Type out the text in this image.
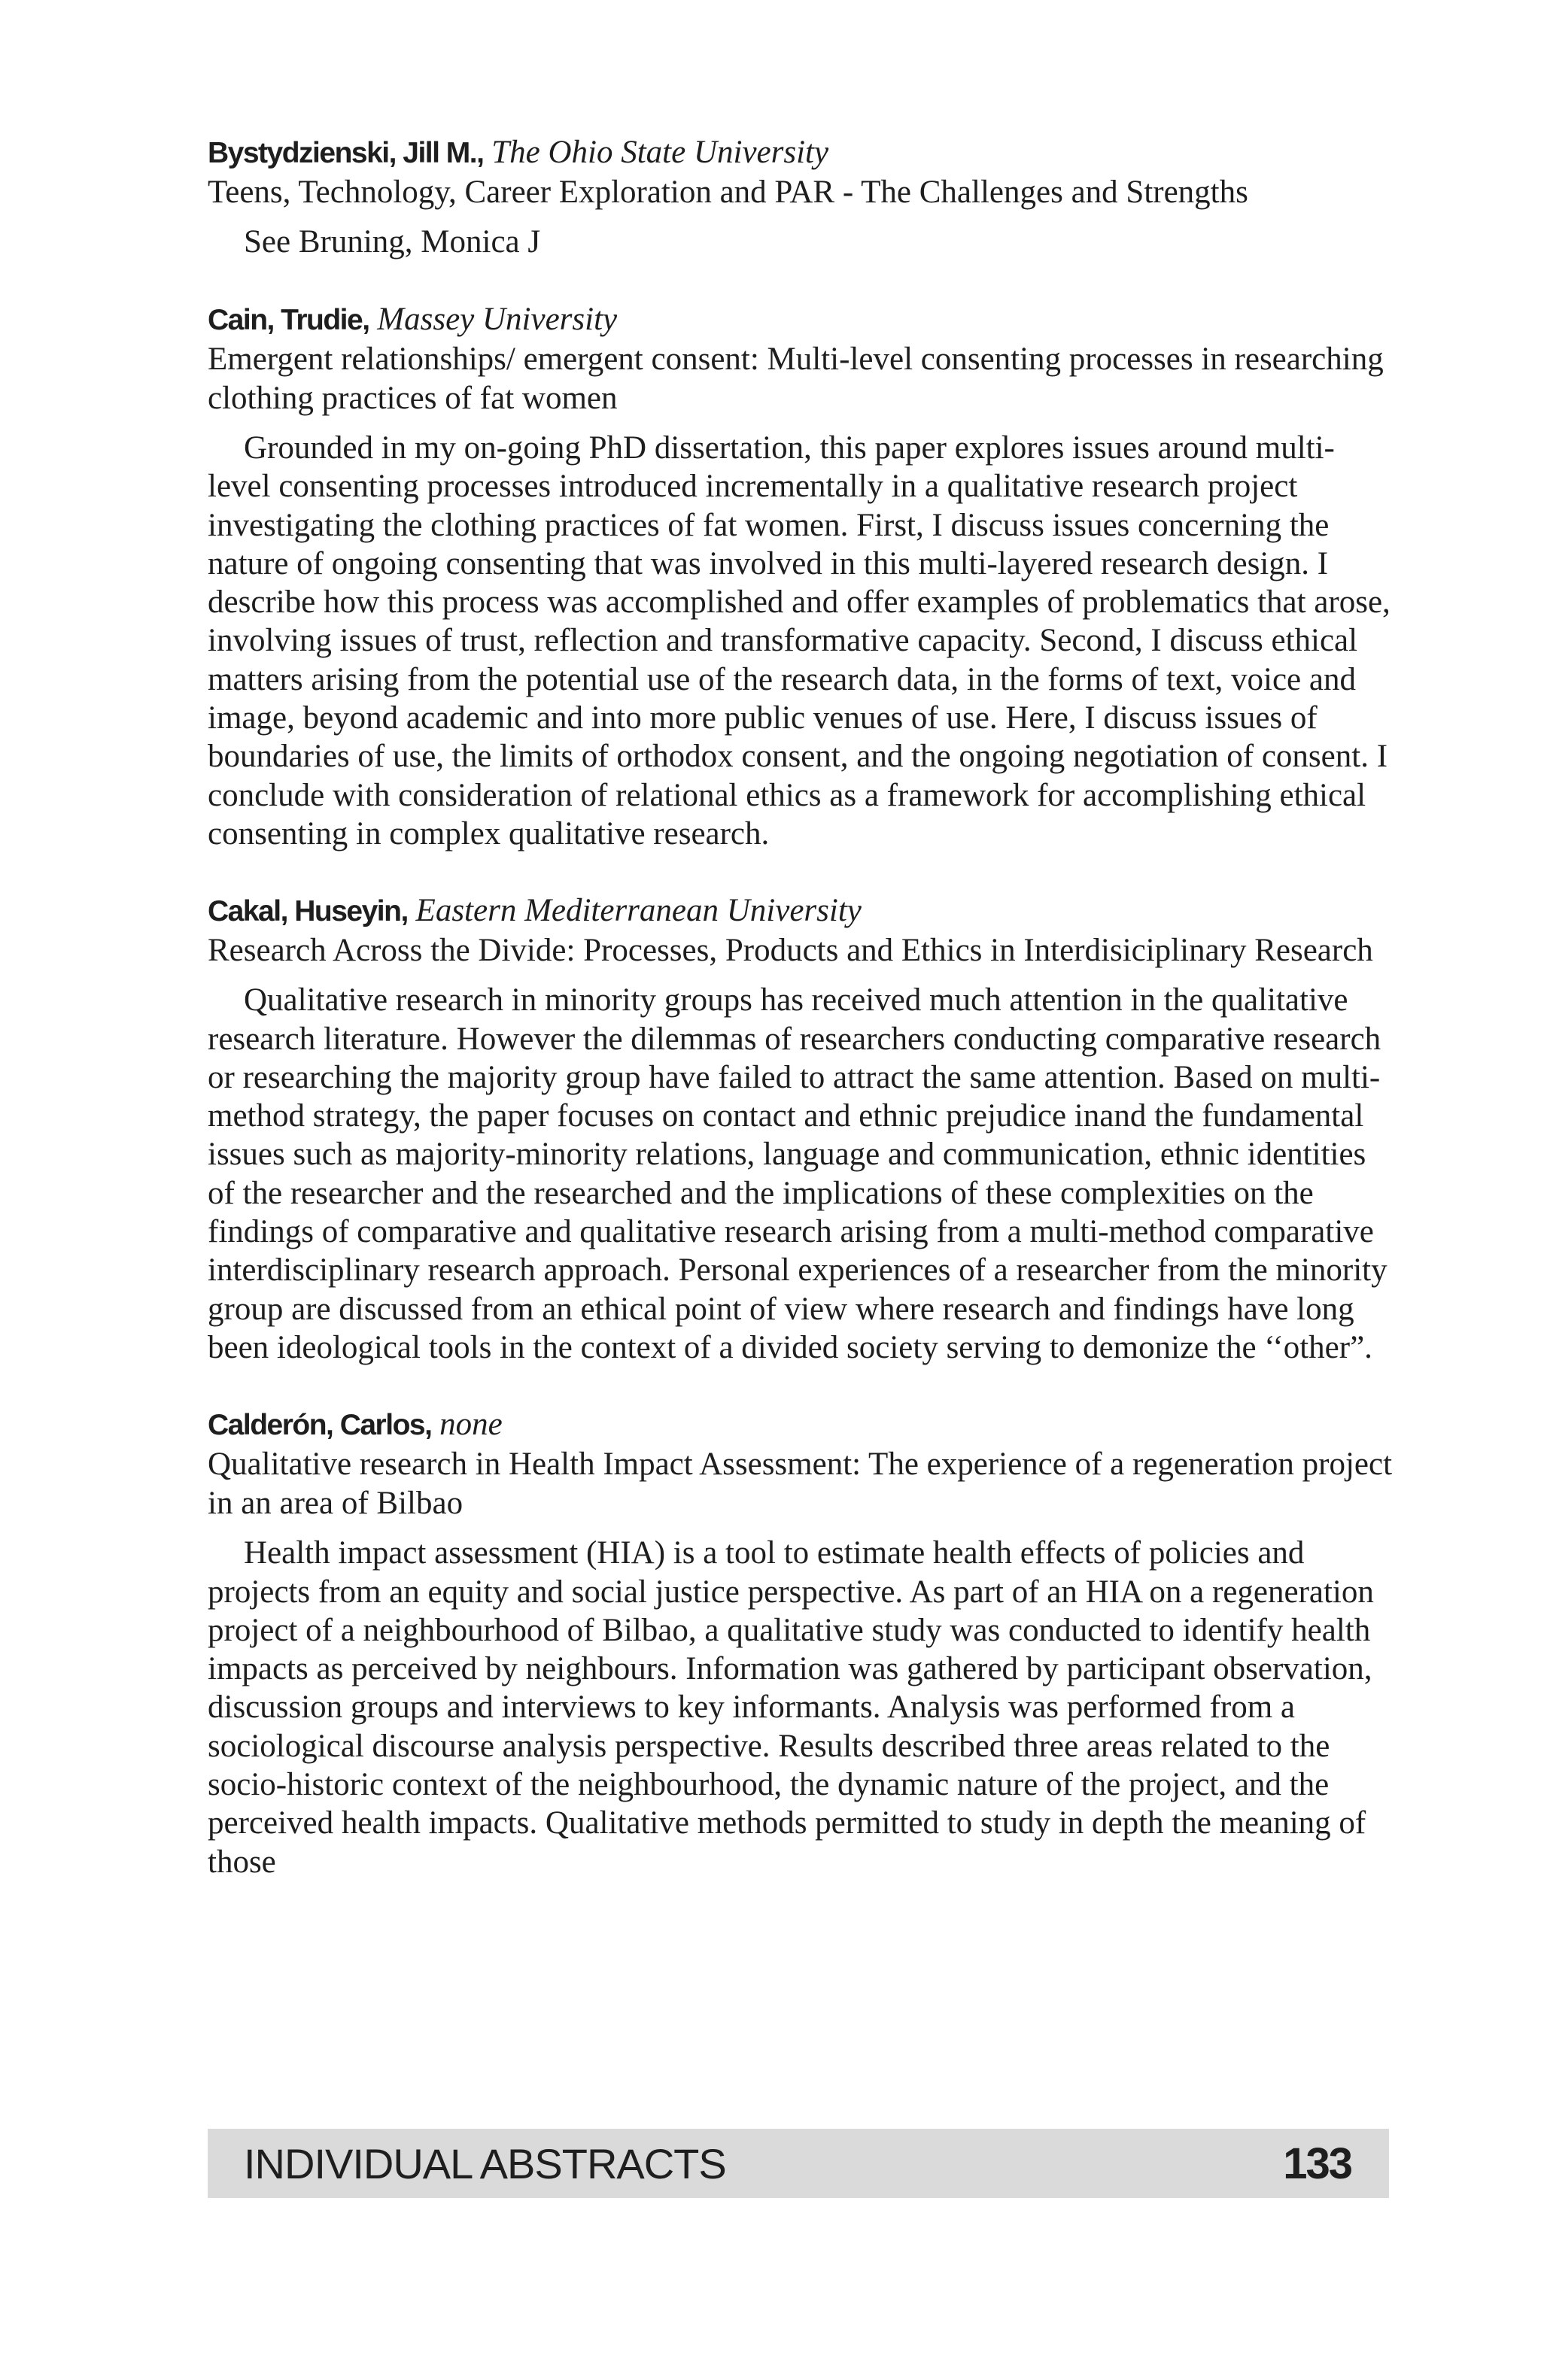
Bystydzienski, Jill M., The Ohio State University

Teens, Technology, Career Exploration and PAR - The Challenges and Strengths

See Bruning, Monica J

Cain, Trudie, Massey University

Emergent relationships/ emergent consent: Multi-level consenting processes in researching clothing practices of fat women

Grounded in my on-going PhD dissertation, this paper explores issues around multi-level consenting processes introduced incrementally in a qualitative research project investigating the clothing practices of fat women. First, I discuss issues concerning the nature of ongoing consenting that was involved in this multi-layered research design. I describe how this process was accomplished and offer examples of problematics that arose, involving issues of trust, reflection and transformative capacity. Second, I discuss ethical matters arising from the potential use of the research data, in the forms of text, voice and image, beyond academic and into more public venues of use. Here, I discuss issues of boundaries of use, the limits of orthodox consent, and the ongoing negotiation of consent. I conclude with consideration of relational ethics as a framework for accomplishing ethical consenting in complex qualitative research.

Cakal, Huseyin, Eastern Mediterranean University

Research Across the Divide: Processes, Products and Ethics in Interdisiciplinary Research

Qualitative research in minority groups has received much attention in the qualitative research literature. However the dilemmas of researchers conducting comparative research or researching the majority group have failed to attract the same attention. Based on multi-method strategy, the paper focuses on contact and ethnic prejudice inand the fundamental issues such as majority-minority relations, language and communication, ethnic identities of the researcher and the researched and the implications of these complexities on the findings of comparative and qualitative research arising from a multi-method comparative interdisciplinary research approach. Personal experiences of a researcher from the minority group are discussed from an ethical point of view where research and findings have long been ideological tools in the context of a divided society serving to demonize the ‘‘other”.

Calderón, Carlos, none

Qualitative research in Health Impact Assessment: The experience of a regeneration project in an area of Bilbao

Health impact assessment (HIA) is a tool to estimate health effects of policies and projects from an equity and social justice perspective. As part of an HIA on a regeneration project of a neighbourhood of Bilbao, a qualitative study was conducted to identify health impacts as perceived by neighbours. Information was gathered by participant observation, discussion groups and interviews to key informants. Analysis was performed from a sociological discourse analysis perspective. Results described three areas related to the socio-historic context of the neighbourhood, the dynamic nature of the project, and the perceived health impacts. Qualitative methods permitted to study in depth the meaning of those

INDIVIDUAL ABSTRACTS	133
